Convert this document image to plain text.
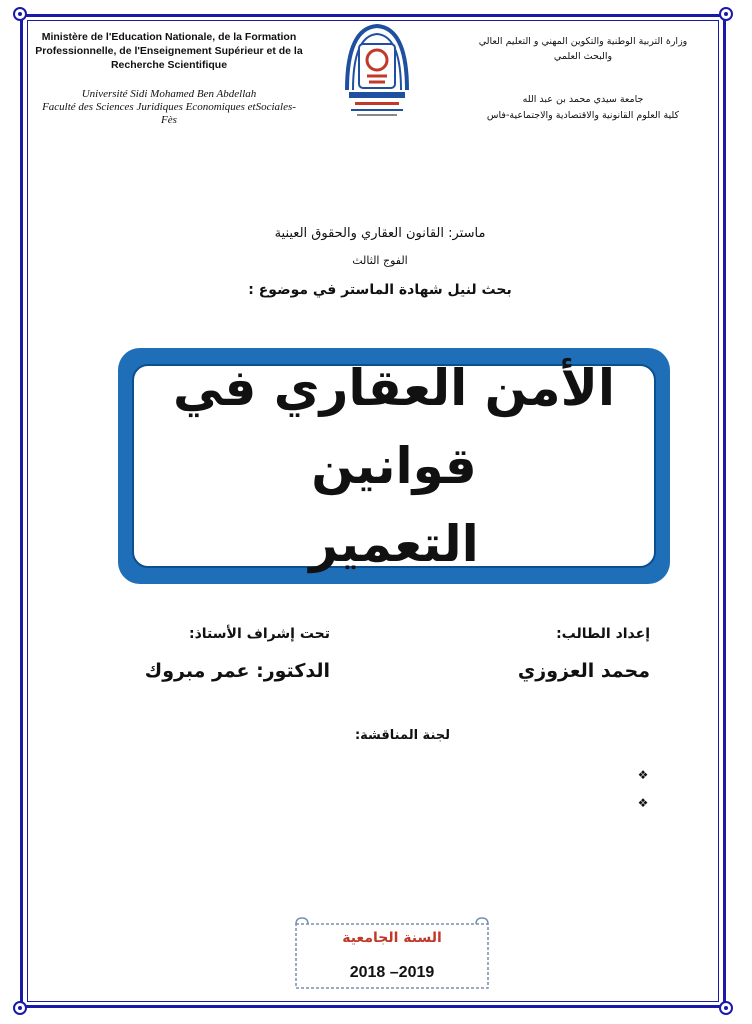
Ministère de l'Education Nationale, de la Formation
Professionnelle, de l'Enseignement Supérieur et de la
Recherche Scientifique
Université Sidi Mohamed Ben Abdellah
Faculté des Sciences Juridiques Economiques etSociales-
Fès
وزارة التربية الوطنية والتكوين المهني و التعليم العالي
والبحث العلمي
جامعة سيدي محمد بن عبد الله
كلية العلوم القانونية والاقتصادية والاجتماعية-فاس
ماستر: القانون العقاري والحقوق العينية
الفوج الثالث
بحث لنيل شهادة الماستر في موضوع :
الأمن العقاري في قوانين
التعمير
إعداد الطالب:
محمد العزوزي
تحت إشراف الأستاذ:
الدكتور: عمر مبروك
لجنة المناقشة:
❖
❖
السنة الجامعية
2018 –2019
